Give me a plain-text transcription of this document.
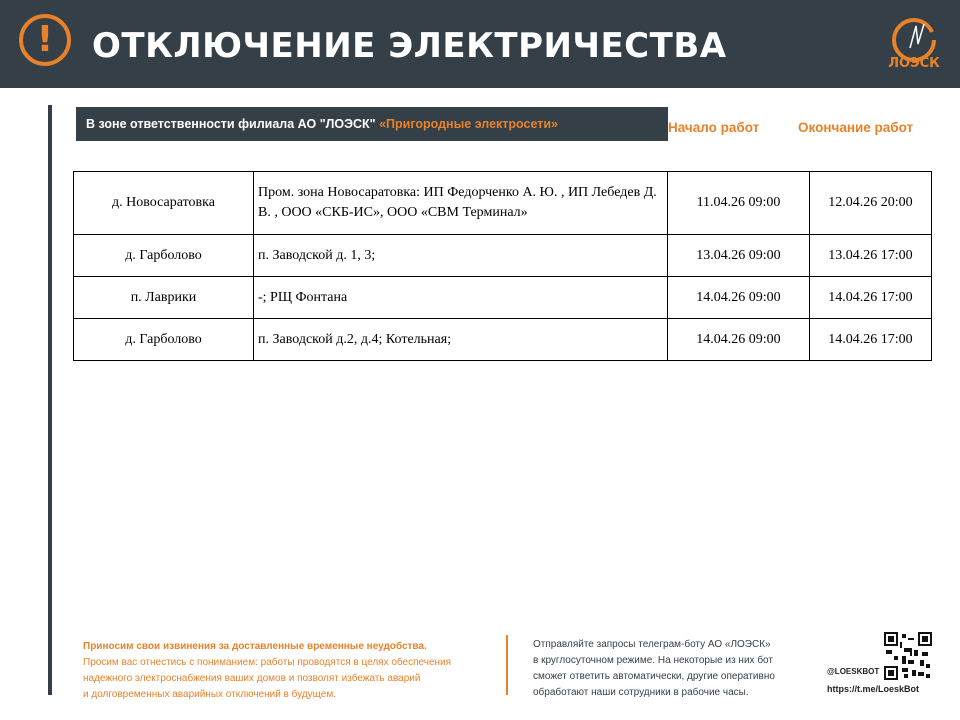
!	ОТКЛЮЧЕНИЕ ЭЛЕКТРИЧЕСТВА	ЛОЭСК
В зоне ответственности филиала АО "ЛОЭСК" «Пригородные электросети»	Начало работ	Окончание работ
д. Новосаратовка	Пром. зона Новосаратовка: ИП Федорченко А. Ю. , ИП Лебедев Д. В. , ООО «СКБ-ИС», ООО «СВМ Терминал»	11.04.26 09:00	12.04.26 20:00
д. Гарболово	п. Заводской д. 1, 3;	13.04.26 09:00	13.04.26 17:00
п. Лаврики	-; РЩ Фонтана	14.04.26 09:00	14.04.26 17:00
д. Гарболово	п. Заводской д.2, д.4; Котельная;	14.04.26 09:00	14.04.26 17:00
Приносим свои извинения за доставленные временные неудобства.
Просим вас отнестись с пониманием: работы проводятся в целях обеспечения
надежного электроснабжения ваших домов и позволят избежать аварий
и долговременных аварийных отключений в будущем.
Отправляйте запросы телеграм-боту АО «ЛОЭСК»
в круглосуточном режиме. На некоторые из них бот
сможет ответить автоматически, другие оперативно
обработают наши сотрудники в рабочие часы.
@LOESKBOT
https://t.me/LoeskBot
